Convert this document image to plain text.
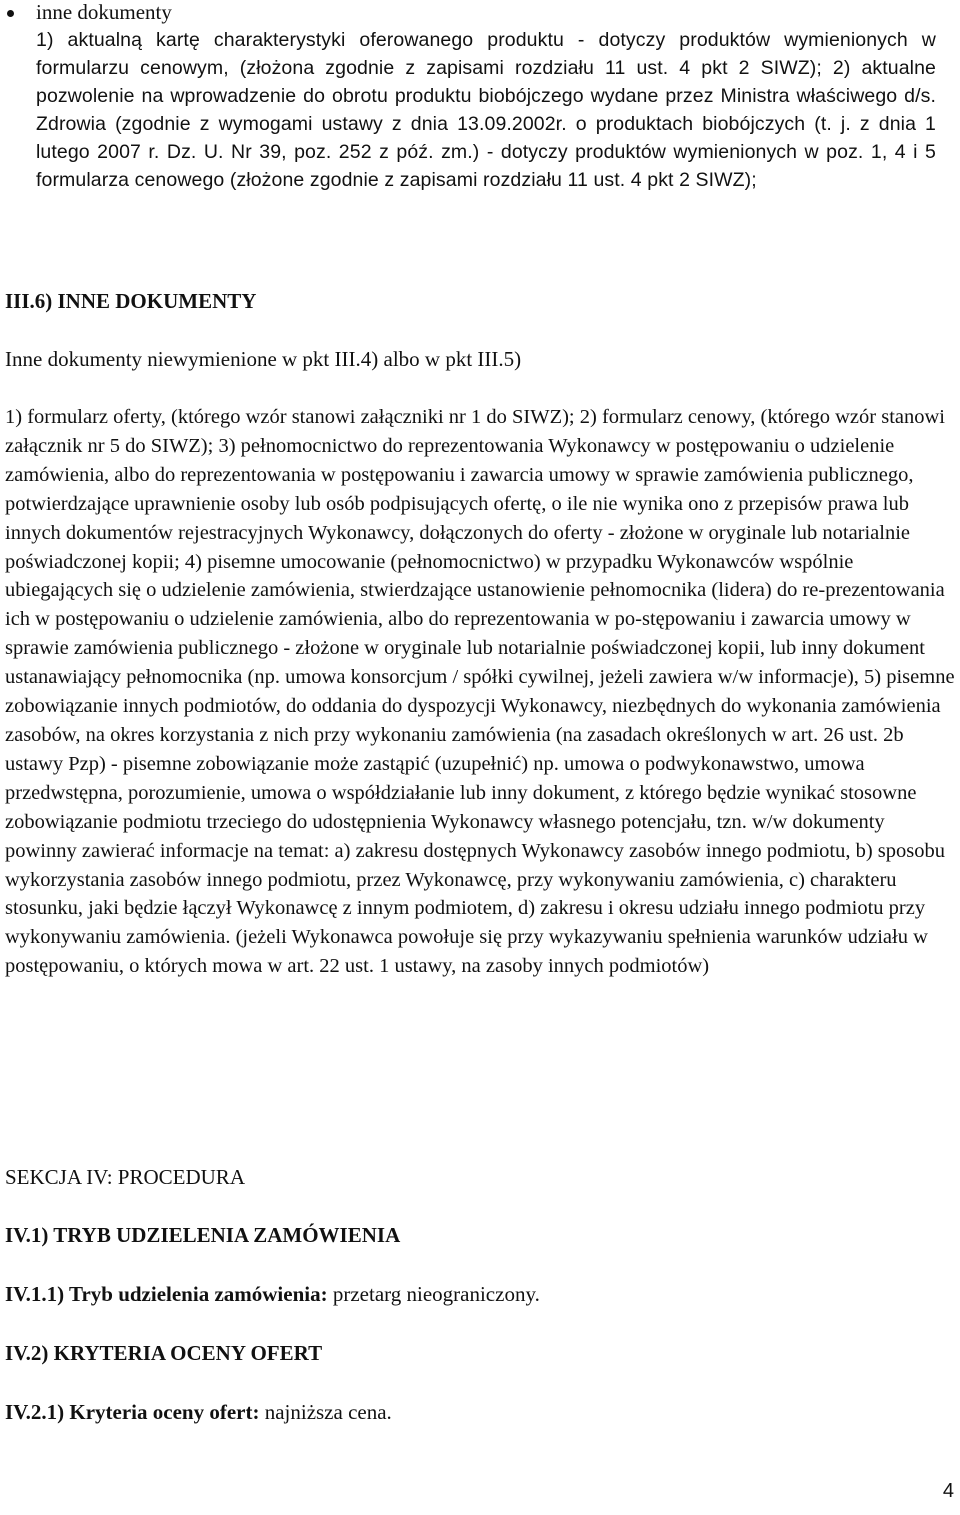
inne dokumenty

1) aktualną kartę charakterystyki oferowanego produktu - dotyczy produktów wymienionych w formularzu cenowym, (złożona zgodnie z zapisami rozdziału 11 ust. 4 pkt 2 SIWZ); 2) aktualne pozwolenie na wprowadzenie do obrotu produktu biobójczego wydane przez Ministra właściwego d/s. Zdrowia (zgodnie z wymogami ustawy z dnia 13.09.2002r. o produktach biobójczych (t. j. z dnia 1 lutego 2007 r. Dz. U. Nr 39, poz. 252 z póź. zm.) - dotyczy produktów wymienionych w poz. 1, 4 i 5 formularza cenowego (złożone zgodnie z zapisami rozdziału 11 ust. 4 pkt 2 SIWZ);

III.6) INNE DOKUMENTY

Inne dokumenty niewymienione w pkt III.4) albo w pkt III.5)

1) formularz oferty, (którego wzór stanowi załączniki nr 1 do SIWZ); 2) formularz cenowy, (którego wzór stanowi załącznik nr 5 do SIWZ); 3) pełnomocnictwo do reprezentowania Wykonawcy w postępowaniu o udzielenie zamówienia, albo do reprezentowania w postępowaniu i zawarcia umowy w sprawie zamówienia publicznego, potwierdzające uprawnienie osoby lub osób podpisujących ofertę, o ile nie wynika ono z przepisów prawa lub innych dokumentów rejestracyjnych Wykonawcy, dołączonych do oferty - złożone w oryginale lub notarialnie poświadczonej kopii; 4) pisemne umocowanie (pełnomocnictwo) w przypadku Wykonawców wspólnie ubiegających się o udzielenie zamówienia, stwierdzające ustanowienie pełnomocnika (lidera) do re-prezentowania ich w postępowaniu o udzielenie zamówienia, albo do reprezentowania w po-stępowaniu i zawarcia umowy w sprawie zamówienia publicznego - złożone w oryginale lub notarialnie poświadczonej kopii, lub inny dokument ustanawiający pełnomocnika (np. umowa konsorcjum / spółki cywilnej, jeżeli zawiera w/w informacje), 5) pisemne zobowiązanie innych podmiotów, do oddania do dyspozycji Wykonawcy, niezbędnych do wykonania zamówienia zasobów, na okres korzystania z nich przy wykonaniu zamówienia (na zasadach określonych w art. 26 ust. 2b ustawy Pzp) - pisemne zobowiązanie może zastąpić (uzupełnić) np. umowa o podwykonawstwo, umowa przedwstępna, porozumienie, umowa o współdziałanie lub inny dokument, z którego będzie wynikać stosowne zobowiązanie podmiotu trzeciego do udostępnienia Wykonawcy własnego potencjału, tzn. w/w dokumenty powinny zawierać informacje na temat: a) zakresu dostępnych Wykonawcy zasobów innego podmiotu, b) sposobu wykorzystania zasobów innego podmiotu, przez Wykonawcę, przy wykonywaniu zamówienia, c) charakteru stosunku, jaki będzie łączył Wykonawcę z innym podmiotem, d) zakresu i okresu udziału innego podmiotu przy wykonywaniu zamówienia. (jeżeli Wykonawca powołuje się przy wykazywaniu spełnienia warunków udziału w postępowaniu, o których mowa w art. 22 ust. 1 ustawy, na zasoby innych podmiotów)

SEKCJA IV: PROCEDURA

IV.1) TRYB UDZIELENIA ZAMÓWIENIA

IV.1.1) Tryb udzielenia zamówienia: przetarg nieograniczony.

IV.2) KRYTERIA OCENY OFERT

IV.2.1) Kryteria oceny ofert: najniższa cena.

4
